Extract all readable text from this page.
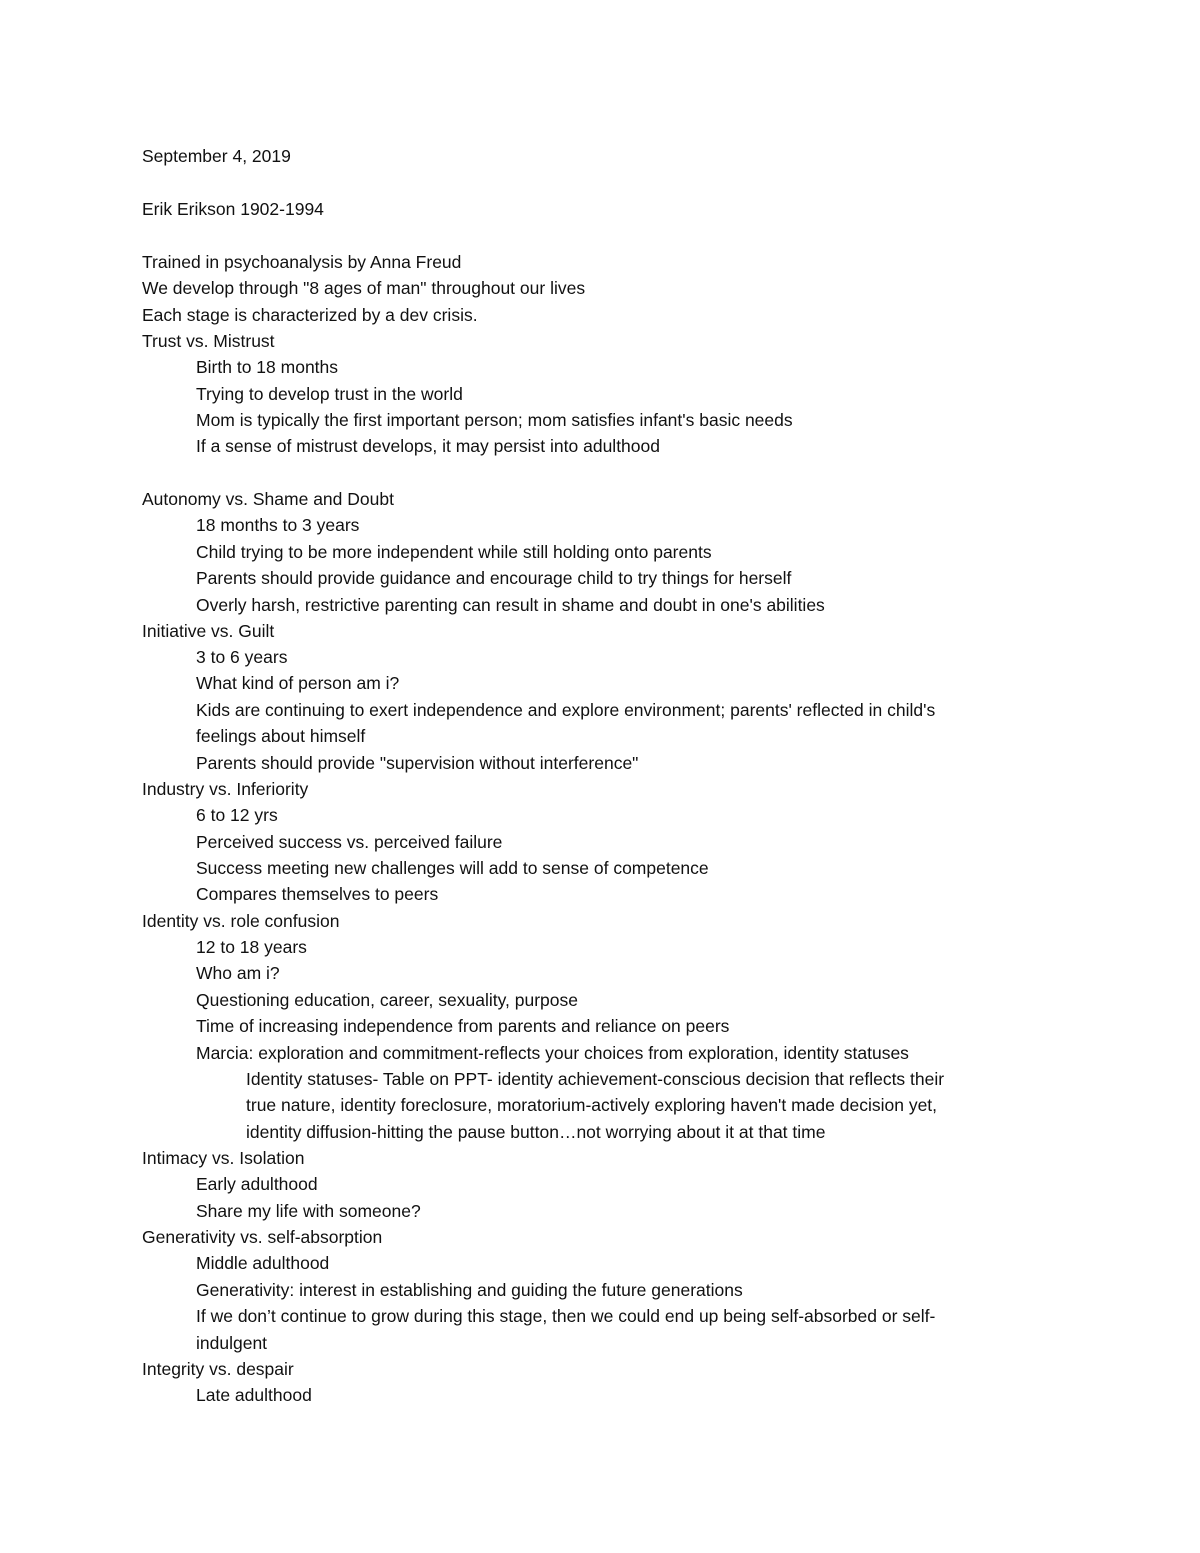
September 4, 2019
Erik Erikson 1902-1994
Trained in psychoanalysis by Anna Freud
We develop through "8 ages of man" throughout our lives
Each stage is characterized by a dev crisis.
Trust vs. Mistrust
Birth to 18 months
Trying to develop trust in the world
Mom is typically the first important person; mom satisfies infant's basic needs
If a sense of mistrust develops, it may persist into adulthood
Autonomy vs. Shame and Doubt
18 months to 3 years
Child trying to be more independent while still holding onto parents
Parents should provide guidance and encourage child to try things for herself
Overly harsh, restrictive parenting can result in shame and doubt in one's abilities
Initiative vs. Guilt
3 to 6 years
What kind of person am i?
Kids are continuing to exert independence and explore environment; parents' reflected in child's
feelings about himself
Parents should provide "supervision without interference"
Industry vs. Inferiority
6 to 12 yrs
Perceived success vs. perceived failure
Success meeting new challenges will add to sense of competence
Compares themselves to peers
Identity vs. role confusion
12 to 18 years
Who am i?
Questioning education, career, sexuality, purpose
Time of increasing independence from parents and reliance on peers
Marcia: exploration and commitment-reflects your choices from exploration, identity statuses
Identity statuses- Table on PPT- identity achievement-conscious decision that reflects their
true nature, identity foreclosure, moratorium-actively exploring haven't made decision yet,
identity diffusion-hitting the pause button…not worrying about it at that time
Intimacy vs. Isolation
Early adulthood
Share my life with someone?
Generativity vs. self-absorption
Middle adulthood
Generativity: interest in establishing and guiding the future generations
If we don’t continue to grow during this stage, then we could end up being self-absorbed or self-
indulgent
Integrity vs. despair
Late adulthood
